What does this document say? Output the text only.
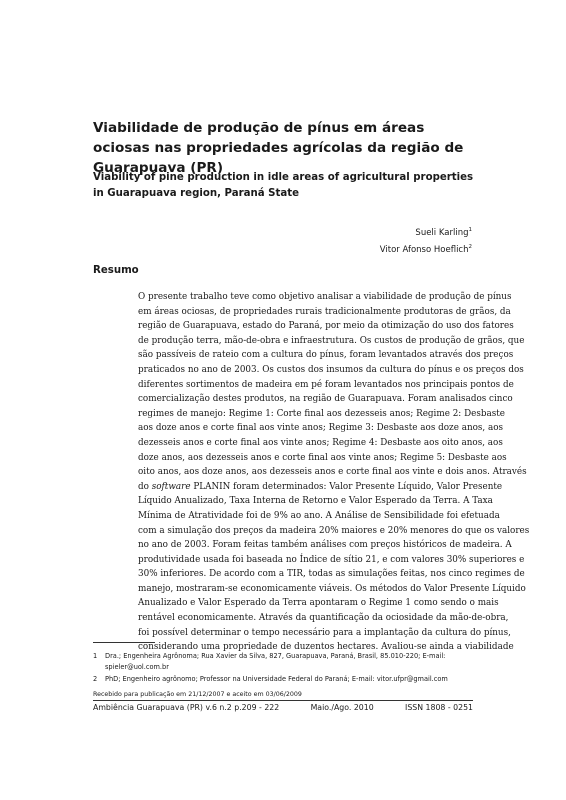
Viabilidade de produção de pínus em áreas ociosas nas propriedades agrícolas da região de Guarapuava (PR)
Viability of pine production in idle areas of agricultural properties in Guarapuava region, Paraná State
Sueli Karling$^1$
Vitor Afonso Hoeflich$^2$
Resumo
O presente trabalho teve como objetivo analisar a viabilidade de produção de pínus
em áreas ociosas, de propriedades rurais tradicionalmente produtoras de grãos, da
região de Guarapuava, estado do Paraná, por meio da otimização do uso dos fatores
de produção terra, mão-de-obra e infraestrutura. Os custos de produção de grãos, que
são passíveis de rateio com a cultura do pínus, foram levantados através dos preços
praticados no ano de 2003. Os custos dos insumos da cultura do pínus e os preços dos
diferentes sortimentos de madeira em pé foram levantados nos principais pontos de
comercialização destes produtos, na região de Guarapuava. Foram analisados cinco
regimes de manejo: Regime 1: Corte final aos dezesseis anos; Regime 2: Desbaste
aos doze anos e corte final aos vinte anos; Regime 3: Desbaste aos doze anos, aos
dezesseis anos e corte final aos vinte anos; Regime 4: Desbaste aos oito anos, aos
doze anos, aos dezesseis anos e corte final aos vinte anos; Regime 5: Desbaste aos
oito anos, aos doze anos, aos dezesseis anos e corte final aos vinte e dois anos. Através
do software PLANIN foram determinados: Valor Presente Líquido, Valor Presente
Líquido Anualizado, Taxa Interna de Retorno e Valor Esperado da Terra. A Taxa
Mínima de Atratividade foi de 9% ao ano. A Análise de Sensibilidade foi efetuada
com a simulação dos preços da madeira 20% maiores e 20% menores do que os valores
no ano de 2003. Foram feitas também análises com preços históricos de madeira. A
produtividade usada foi baseada no Índice de sítio 21, e com valores 30% superiores e
30% inferiores. De acordo com a TIR, todas as simulações feitas, nos cinco regimes de
manejo, mostraram-se economicamente viáveis. Os métodos do Valor Presente Líquido
Anualizado e Valor Esperado da Terra apontaram o Regime 1 como sendo o mais
rentável economicamente. Através da quantificação da ociosidade da mão-de-obra,
foi possível determinar o tempo necessário para a implantação da cultura do pínus,
considerando uma propriedade de duzentos hectares. Avaliou-se ainda a viabilidade
1	Dra.; Engenheira Agrônoma; Rua Xavier da Silva, 827, Guarapuava, Paraná, Brasil, 85.010-220; E-mail: spieler@uol.com.br
2	PhD; Engenheiro agrônomo; Professor na Universidade Federal do Paraná; E-mail: vitor.ufpr@gmail.com
Recebido para publicação em 21/12/2007 e aceito em 03/06/2009
Ambiência Guarapuava (PR) v.6 n.2 p.209 - 222	Maio./Ago. 2010	ISSN 1808 - 0251
